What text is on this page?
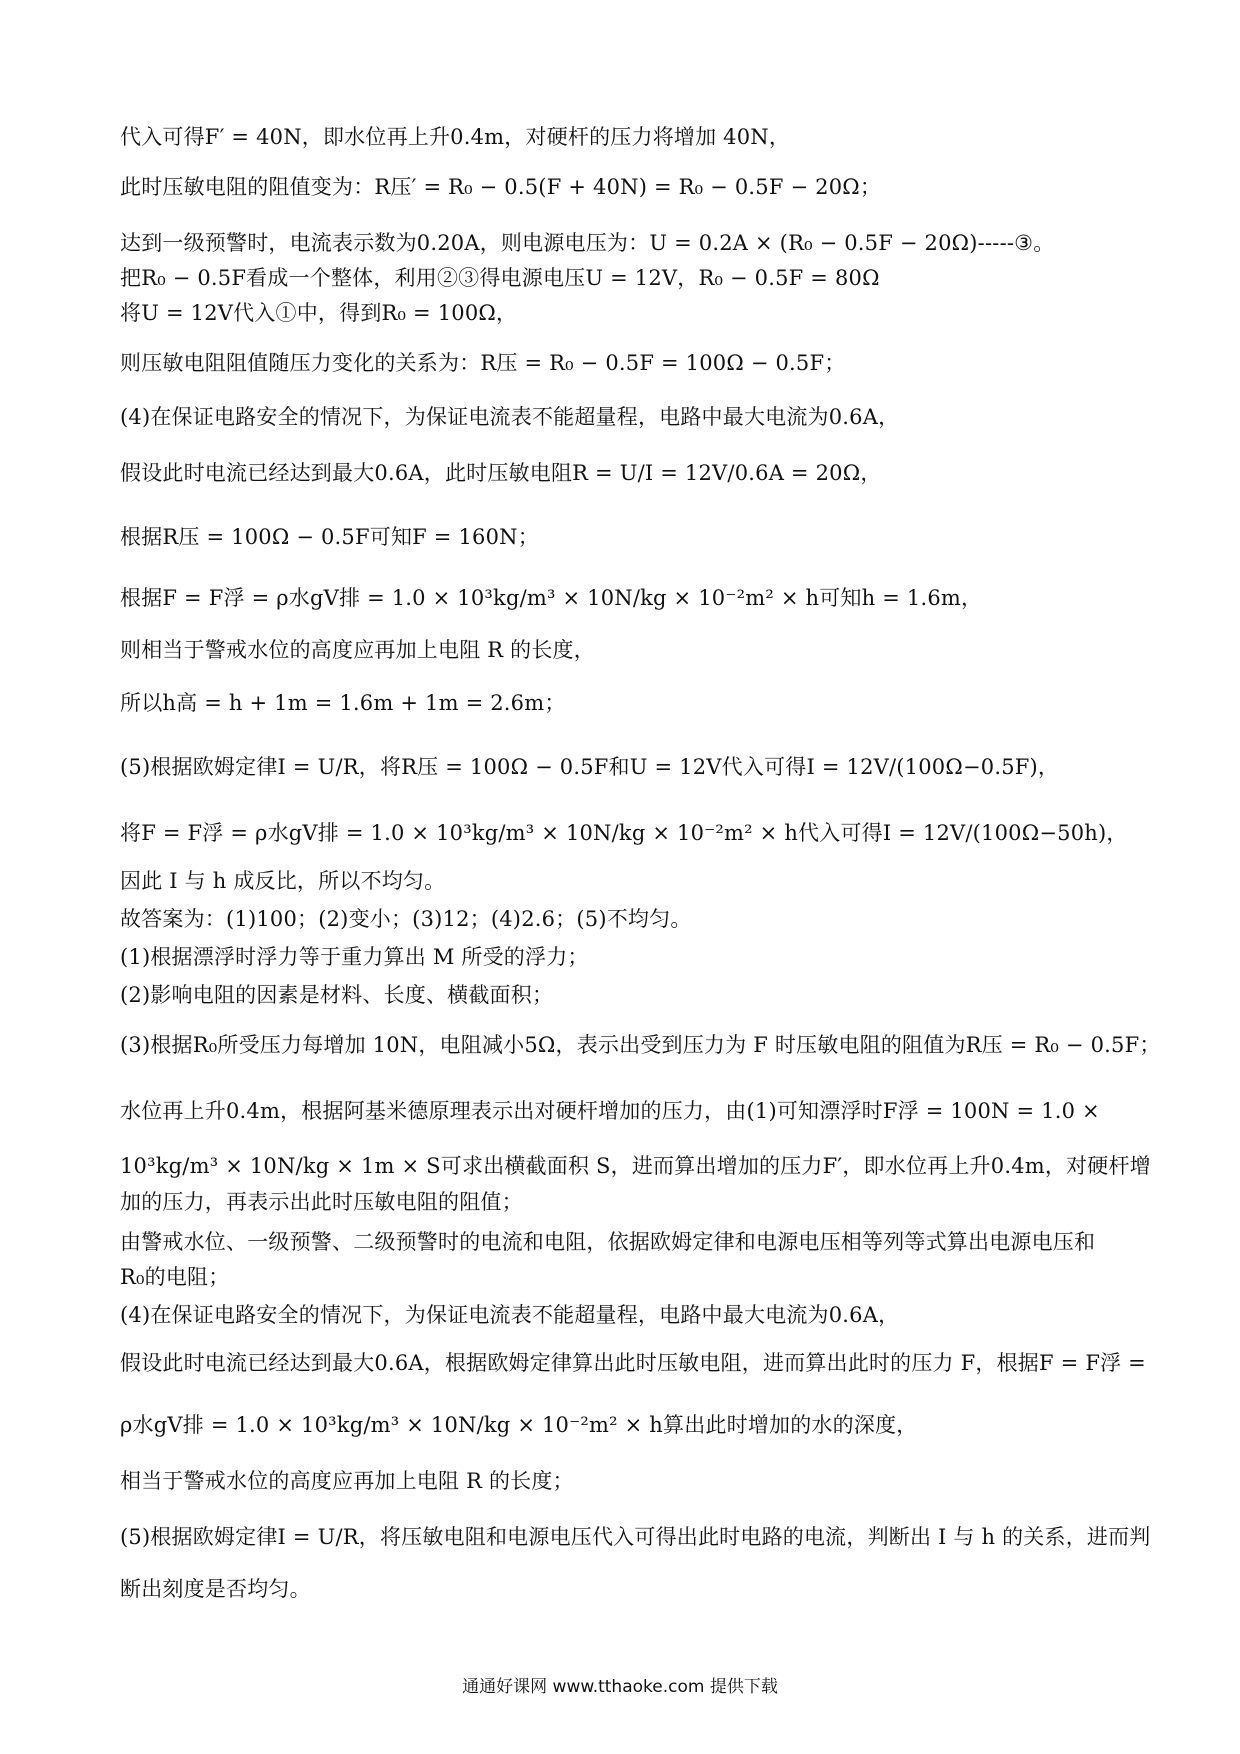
代入可得F′ = 40N，即水位再上升0.4m，对硬杆的压力将增加 40N，
此时压敏电阻的阻值变为：R压′ = R₀ − 0.5(F + 40N) = R₀ − 0.5F − 20Ω；
达到一级预警时，电流表示数为0.20A，则电源电压为：U = 0.2A × (R₀ − 0.5F − 20Ω)-----③。
把R₀ − 0.5F看成一个整体，利用②③得电源电压U = 12V，R₀ − 0.5F = 80Ω
将U = 12V代入①中，得到R₀ = 100Ω，
则压敏电阻阻值随压力变化的关系为：R压 = R₀ − 0.5F = 100Ω − 0.5F；
(4)在保证电路安全的情况下，为保证电流表不能超量程，电路中最大电流为0.6A，
假设此时电流已经达到最大0.6A，此时压敏电阻R = U/I = 12V/0.6A = 20Ω，
根据R压 = 100Ω − 0.5F可知F = 160N；
根据F = F浮 = ρ水gV排 = 1.0 × 10³kg/m³ × 10N/kg × 10⁻²m² × h可知h = 1.6m，
则相当于警戒水位的高度应再加上电阻 R 的长度，
所以h高 = h + 1m = 1.6m + 1m = 2.6m；
(5)根据欧姆定律I = U/R，将R压 = 100Ω − 0.5F和U = 12V代入可得I = 12V/(100Ω−0.5F)，
将F = F浮 = ρ水gV排 = 1.0 × 10³kg/m³ × 10N/kg × 10⁻²m² × h代入可得I = 12V/(100Ω−50h)，
因此 I 与 h 成反比，所以不均匀。
故答案为：(1)100；(2)变小；(3)12；(4)2.6；(5)不均匀。
(1)根据漂浮时浮力等于重力算出 M 所受的浮力；
(2)影响电阻的因素是材料、长度、横截面积；
(3)根据R₀所受压力每增加 10N，电阻减小5Ω，表示出受到压力为 F 时压敏电阻的阻值为R压 = R₀ − 0.5F；
水位再上升0.4m，根据阿基米德原理表示出对硬杆增加的压力，由(1)可知漂浮时F浮 = 100N = 1.0 ×
10³kg/m³ × 10N/kg × 1m × S可求出横截面积 S，进而算出增加的压力F′，即水位再上升0.4m，对硬杆增
加的压力，再表示出此时压敏电阻的阻值；
由警戒水位、一级预警、二级预警时的电流和电阻，依据欧姆定律和电源电压相等列等式算出电源电压和
R₀的电阻；
(4)在保证电路安全的情况下，为保证电流表不能超量程，电路中最大电流为0.6A，
假设此时电流已经达到最大0.6A，根据欧姆定律算出此时压敏电阻，进而算出此时的压力 F，根据F = F浮 =
ρ水gV排 = 1.0 × 10³kg/m³ × 10N/kg × 10⁻²m² × h算出此时增加的水的深度，
相当于警戒水位的高度应再加上电阻 R 的长度；
(5)根据欧姆定律I = U/R，将压敏电阻和电源电压代入可得出此时电路的电流，判断出 I 与 h 的关系，进而判
断出刻度是否均匀。
通通好课网 www.tthaoke.com 提供下载
